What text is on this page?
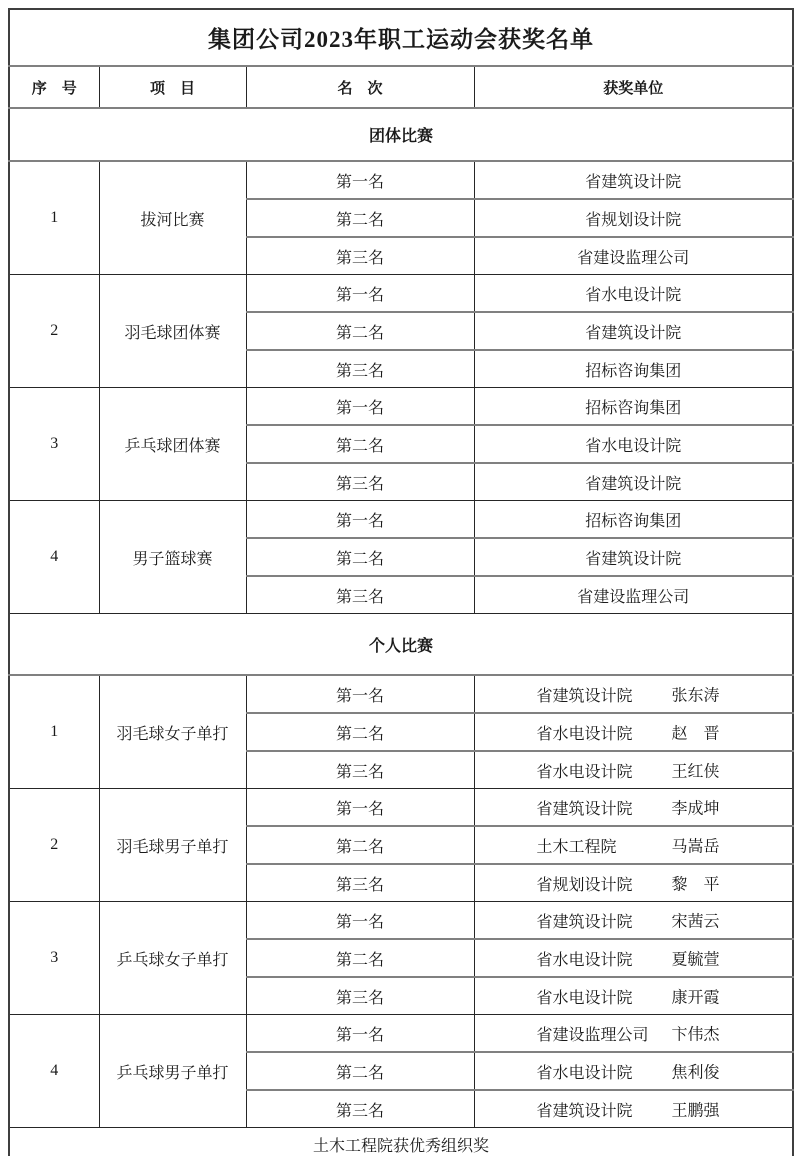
集团公司2023年职工运动会获奖名单			
序　号	项　目	名　次	获奖单位
团体比赛			
1	拔河比赛	第一名	省建筑设计院
		第二名	省规划设计院
		第三名	省建设监理公司
2	羽毛球团体赛	第一名	省水电设计院
		第二名	省建筑设计院
		第三名	招标咨询集团
3	乒乓球团体赛	第一名	招标咨询集团
		第二名	省水电设计院
		第三名	省建筑设计院
4	男子篮球赛	第一名	招标咨询集团
		第二名	省建筑设计院
		第三名	省建设监理公司
个人比赛			
1	羽毛球女子单打	第一名	省建筑设计院 张东涛

		第二名	省水电设计院 赵　晋

		第三名	省水电设计院 王红侠

2	羽毛球男子单打	第一名	省建筑设计院 李成坤

		第二名	土木工程院 马嵩岳

		第三名	省规划设计院 黎　平

3	乒乓球女子单打	第一名	省建筑设计院 宋茜云

		第二名	省水电设计院 夏毓萱

		第三名	省水电设计院 康开霞

4	乒乓球男子单打	第一名	省建设监理公司 卞伟杰

		第二名	省水电设计院 焦利俊

		第三名	省建筑设计院 王鹏强

土木工程院获优秀组织奖			
